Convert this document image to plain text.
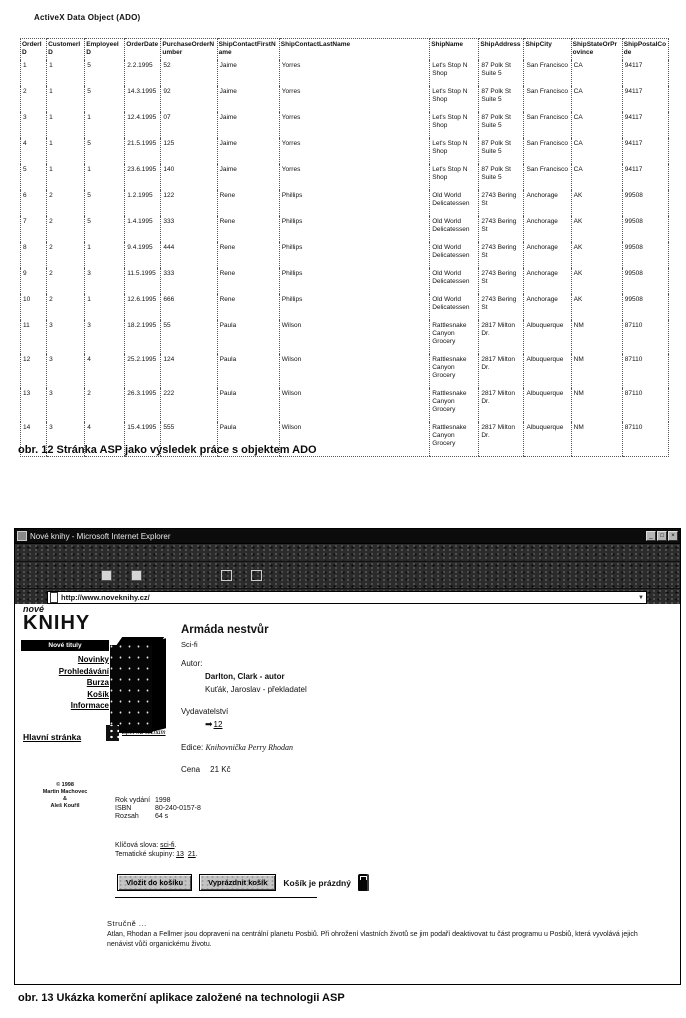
ActiveX Data Object (ADO)
OrderID	CustomerID	EmployeeID	OrderDate	PurchaseOrderNumber	ShipContactFirstName	ShipContactLastName	ShipName	ShipAddress	ShipCity	ShipStateOrProvince	ShipPostalCode
1	1	5	2.2.1995	52	Jaime	Yorres	Let's Stop N Shop	87 Polk St Suite 5	San Francisco	CA	94117
2	1	5	14.3.1995	92	Jaime	Yorres	Let's Stop N Shop	87 Polk St Suite 5	San Francisco	CA	94117
3	1	1	12.4.1995	07	Jaime	Yorres	Let's Stop N Shop	87 Polk St Suite 5	San Francisco	CA	94117
4	1	5	21.5.1995	125	Jaime	Yorres	Let's Stop N Shop	87 Polk St Suite 5	San Francisco	CA	94117
5	1	1	23.6.1995	140	Jaime	Yorres	Let's Stop N Shop	87 Polk St Suite 5	San Francisco	CA	94117
6	2	5	1.2.1995	122	Rene	Phillips	Old World Delicatessen	2743 Bering St	Anchorage	AK	99508
7	2	5	1.4.1995	333	Rene	Phillips	Old World Delicatessen	2743 Bering St	Anchorage	AK	99508
8	2	1	9.4.1995	444	Rene	Phillips	Old World Delicatessen	2743 Bering St	Anchorage	AK	99508
9	2	3	11.5.1995	333	Rene	Phillips	Old World Delicatessen	2743 Bering St	Anchorage	AK	99508
10	2	1	12.6.1995	666	Rene	Phillips	Old World Delicatessen	2743 Bering St	Anchorage	AK	99508
11	3	3	18.2.1995	55	Paula	Wilson	Rattlesnake Canyon Grocery	2817 Milton Dr.	Albuquerque	NM	87110
12	3	4	25.2.1995	124	Paula	Wilson	Rattlesnake Canyon Grocery	2817 Milton Dr.	Albuquerque	NM	87110
13	3	2	26.3.1995	222	Paula	Wilson	Rattlesnake Canyon Grocery	2817 Milton Dr.	Albuquerque	NM	87110
14	3	4	15.4.1995	555	Paula	Wilson	Rattlesnake Canyon Grocery	2817 Milton Dr.	Albuquerque	NM	87110
obr. 12 Stránka ASP jako výsledek práce s objektem ADO
Nové knihy - Microsoft Internet Explorer	_	□	×
http://www.noveknihy.cz/	▼
nové
KNIHY
Nové tituly
Novinky
Prohledávání
Burza
Košík
Informace
Hlavní stránka
© 1998
Martin Machovec
&
Aleš Kouřil
Zpět na seznam
Armáda nestvůr
Sci-fi
Autor:
Darlton, Clark - autor
Kuťák, Jaroslav - překladatel
Vydavatelství
➡12
Edice: Knihovnička Perry Rhodan
Cena 21 Kč
Rok vydání 1998
ISBN	80-240-0157-8
Rozsah 64 s
Klíčová slova: sci-fi.
Tematické skupiny: 13 21 .
Vložit do košíku	Vyprázdnit košík	Košík je prázdný
Stručně ...
Atlan, Rhodan a Fellmer jsou dopraveni na centrální planetu Posbiů. Při ohrožení vlastních životů se jim podaří deaktivovat tu část programu u Posbiů, která vyvolává jejich nenávist vůči organickému životu.
obr. 13 Ukázka komerční aplikace založené na technologii ASP
